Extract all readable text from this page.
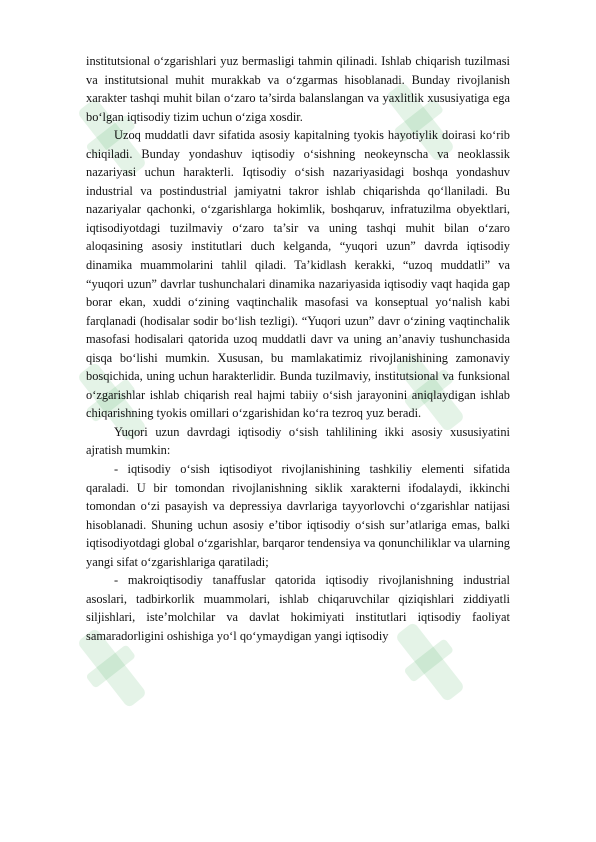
institutsional o‘zgarishlari yuz bermasligi tahmin qilinadi. Ishlab chiqarish tuzilmasi va institutsional muhit murakkab va o‘zgarmas hisoblanadi. Bunday rivojlanish xarakter tashqi muhit bilan o‘zaro ta’sirda balanslangan va yaxlitlik xususiyatiga ega bo‘lgan iqtisodiy tizim uchun o‘ziga xosdir.

Uzoq muddatli davr sifatida asosiy kapitalning tyokis hayotiylik doirasi ko‘rib chiqiladi. Bunday yondashuv iqtisodiy o‘sishning neokeynscha va neoklassik nazariyasi uchun harakterli. Iqtisodiy o‘sish nazariyasidagi boshqa yondashuv industrial va postindustrial jamiyatni takror ishlab chiqarishda qo‘llaniladi. Bu nazariyalar qachonki, o‘zgarishlarga hokimlik, boshqaruv, infratuzilma obyektlari, iqtisodiyotdagi tuzilmaviy o‘zaro ta’sir va uning tashqi muhit bilan o‘zaro aloqasining asosiy institutlari duch kelganda, “yuqori uzun” davrda iqtisodiy dinamika muammolarini tahlil qiladi. Ta’kidlash kerakki, “uzoq muddatli” va “yuqori uzun” davrlar tushunchalari dinamika nazariyasida iqtisodiy vaqt haqida gap borar ekan, xuddi o‘zining vaqtinchalik masofasi va konseptual yo‘nalish kabi farqlanadi (hodisalar sodir bo‘lish tezligi). “Yuqori uzun” davr o‘zining vaqtinchalik masofasi hodisalari qatorida uzoq muddatli davr va uning an’anaviy tushunchasida qisqa bo‘lishi mumkin. Xususan, bu mamlakatimiz rivojlanishining zamonaviy bosqichida, uning uchun harakterlidir. Bunda tuzilmaviy, institutsional va funksional o‘zgarishlar ishlab chiqarish real hajmi tabiiy o‘sish jarayonini aniqlaydigan ishlab chiqarishning tyokis omillari o‘zgarishidan ko‘ra tezroq yuz beradi.

Yuqori uzun davrdagi iqtisodiy o‘sish tahlilining ikki asosiy xususiyatini ajratish mumkin:

- iqtisodiy o‘sish iqtisodiyot rivojlanishining tashkiliy elementi sifatida qaraladi. U bir tomondan rivojlanishning siklik xarakterni ifodalaydi, ikkinchi tomondan o‘zi pasayish va depressiya davrlariga tayyorlovchi o‘zgarishlar natijasi hisoblanadi. Shuning uchun asosiy e’tibor iqtisodiy o‘sish sur’atlariga emas, balki iqtisodiyotdagi global o‘zgarishlar, barqaror tendensiya va qonunchiliklar va ularning yangi sifat o‘zgarishlariga qaratiladi;

- makroiqtisodiy tanaffuslar qatorida iqtisodiy rivojlanishning industrial asoslari, tadbirkorlik muammolari, ishlab chiqaruvchilar qiziqishlari ziddiyatli siljishlari, iste’molchilar va davlat hokimiyati institutlari iqtisodiy faoliyat samaradorligini oshishiga yo‘l qo‘ymaydigan yangi iqtisodiy
